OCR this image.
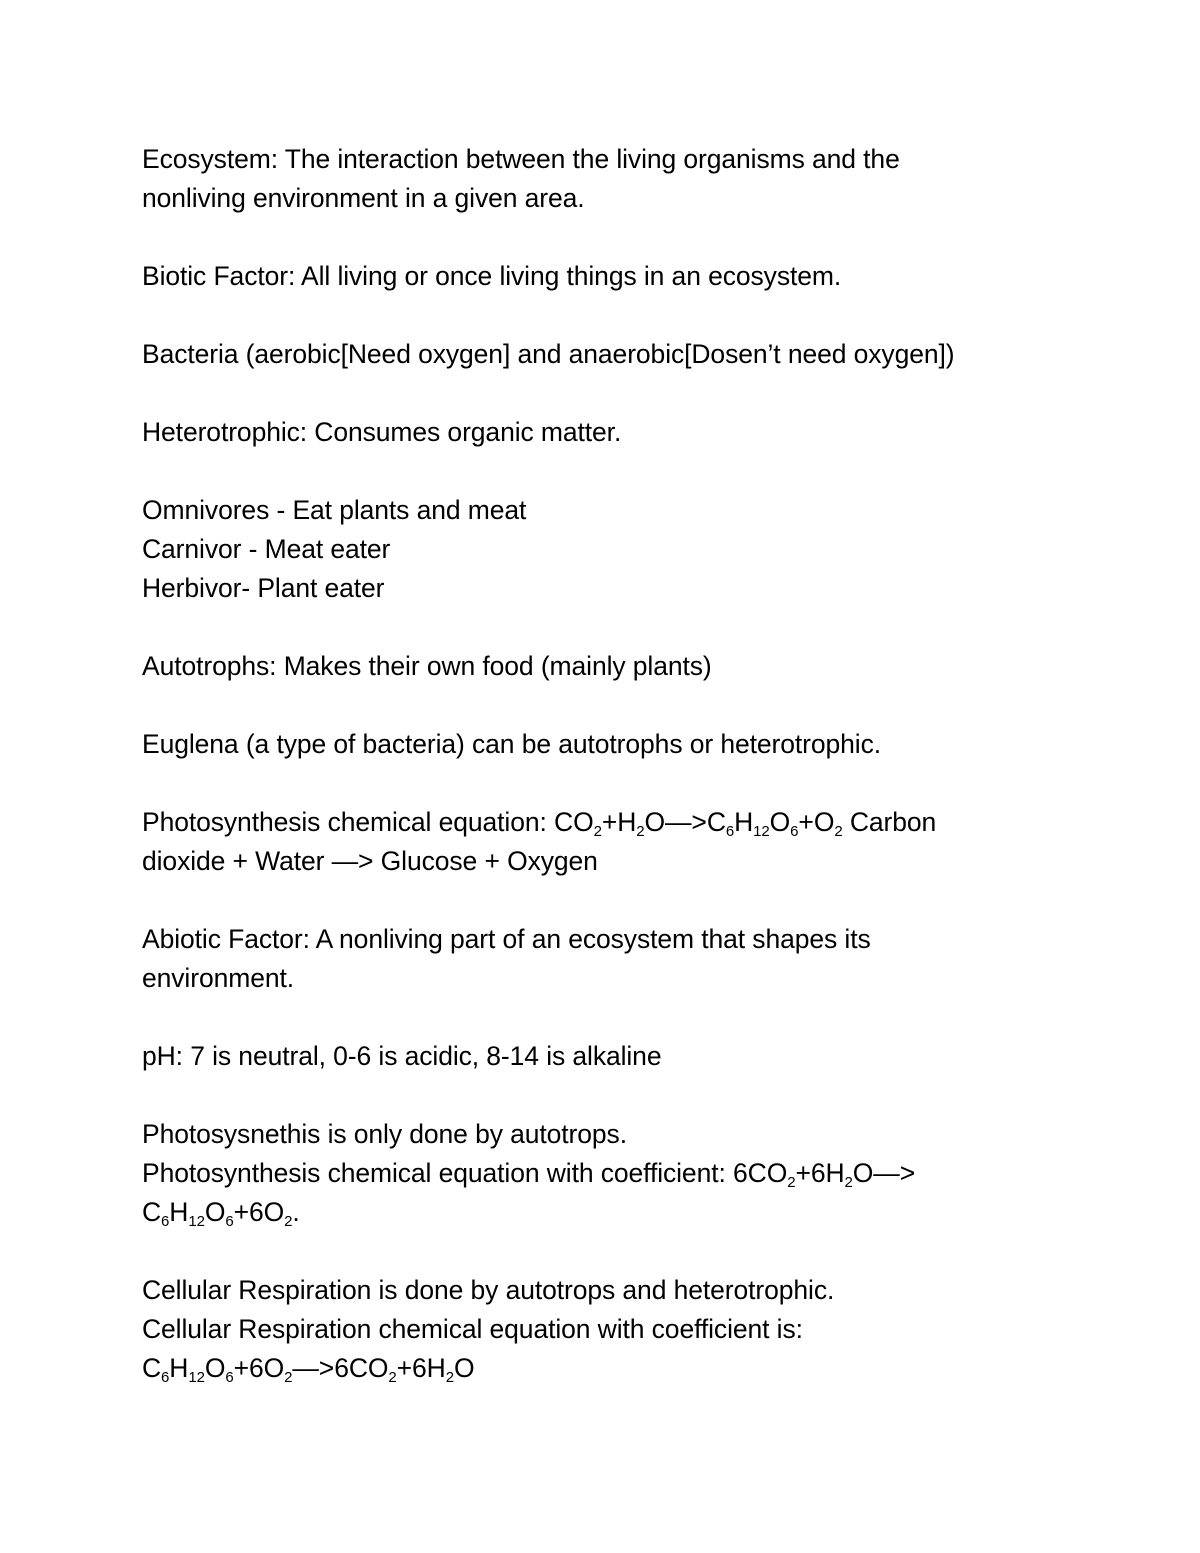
Ecosystem: The interaction between the living organisms and the
nonliving environment in a given area.
Biotic Factor: All living or once living things in an ecosystem.
Bacteria (aerobic[Need oxygen] and anaerobic[Dosen’t need oxygen])
Heterotrophic: Consumes organic matter.
Omnivores - Eat plants and meat
Carnivor - Meat eater
Herbivor- Plant eater
Autotrophs: Makes their own food (mainly plants)
Euglena (a type of bacteria) can be autotrophs or heterotrophic.
Photosynthesis chemical equation: $CO_2+H_2O—>C_6H_{12}O_6+O_2$ Carbon
dioxide + Water —> Glucose + Oxygen
Abiotic Factor: A nonliving part of an ecosystem that shapes its
environment.
pH: 7 is neutral, 0-6 is acidic, 8-14 is alkaline
Photosysnethis is only done by autotrops.
Photosynthesis chemical equation with coefficient: $6CO_2+6H_2O—>$
$C_6H_{12}O_6+6O_2$.
Cellular Respiration is done by autotrops and heterotrophic.
Cellular Respiration chemical equation with coefficient is:
$C_6H_{12}O_6+6O_2—>6CO_2+6H_2O$
